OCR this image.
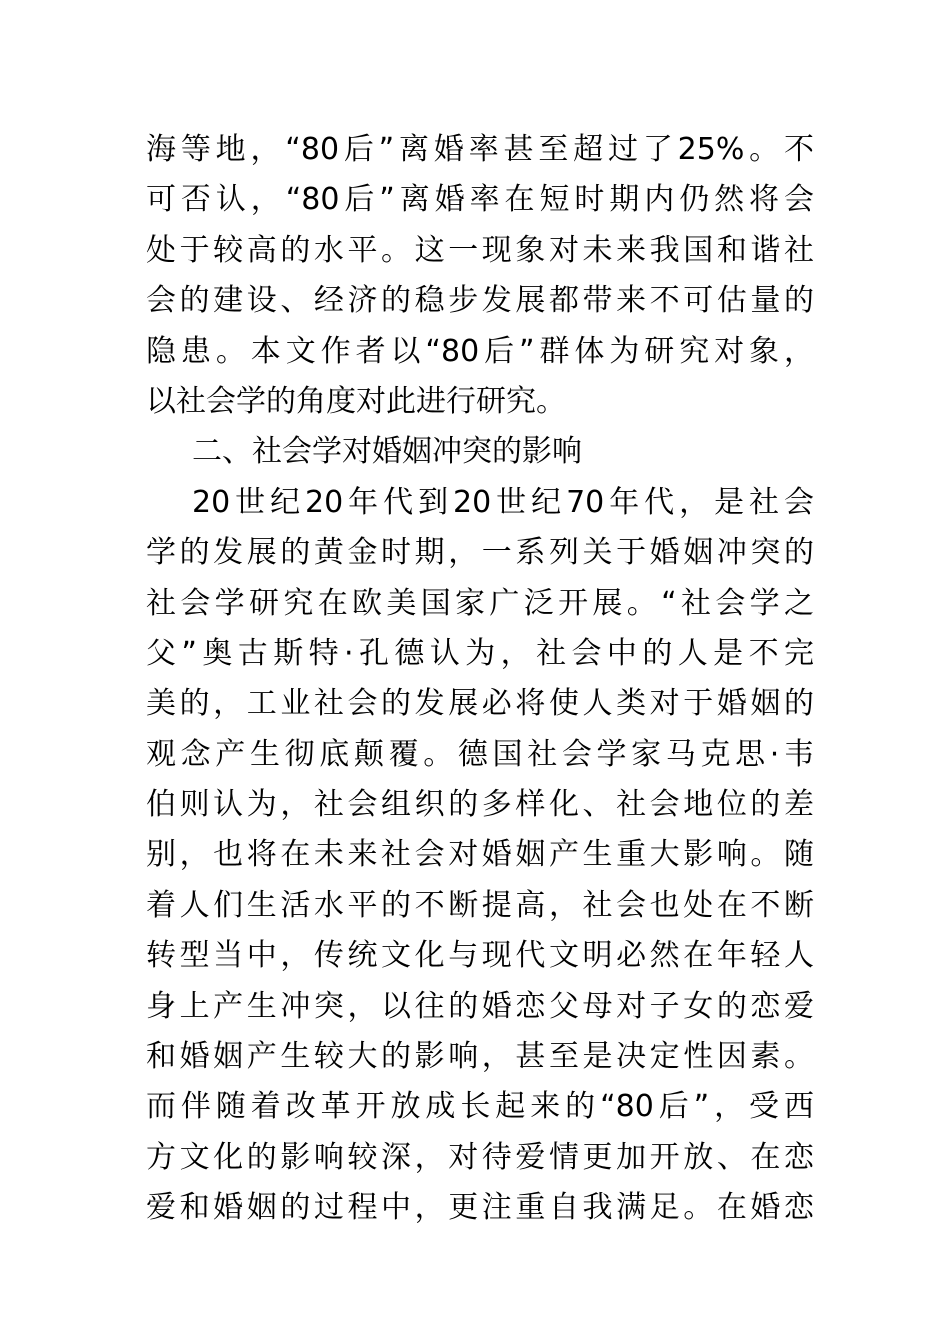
海等地，“80后”离婚率甚至超过了25%。不
可否认，“80后”离婚率在短时期内仍然将会
处于较高的水平。这一现象对未来我国和谐社
会的建设、经济的稳步发展都带来不可估量的
隐患。本文作者以“80后”群体为研究对象，
以社会学的角度对此进行研究。
二、社会学对婚姻冲突的影响
20世纪20年代到20世纪70年代，是社会
学的发展的黄金时期，一系列关于婚姻冲突的
社会学研究在欧美国家广泛开展。“社会学之
父”奥古斯特·孔德认为，社会中的人是不完
美的，工业社会的发展必将使人类对于婚姻的
观念产生彻底颠覆。德国社会学家马克思·韦
伯则认为，社会组织的多样化、社会地位的差
别，也将在未来社会对婚姻产生重大影响。随
着人们生活水平的不断提高，社会也处在不断
转型当中，传统文化与现代文明必然在年轻人
身上产生冲突，以往的婚恋父母对子女的恋爱
和婚姻产生较大的影响，甚至是决定性因素。
而伴随着改革开放成长起来的“80后”，受西
方文化的影响较深，对待爱情更加开放、在恋
爱和婚姻的过程中，更注重自我满足。在婚恋
